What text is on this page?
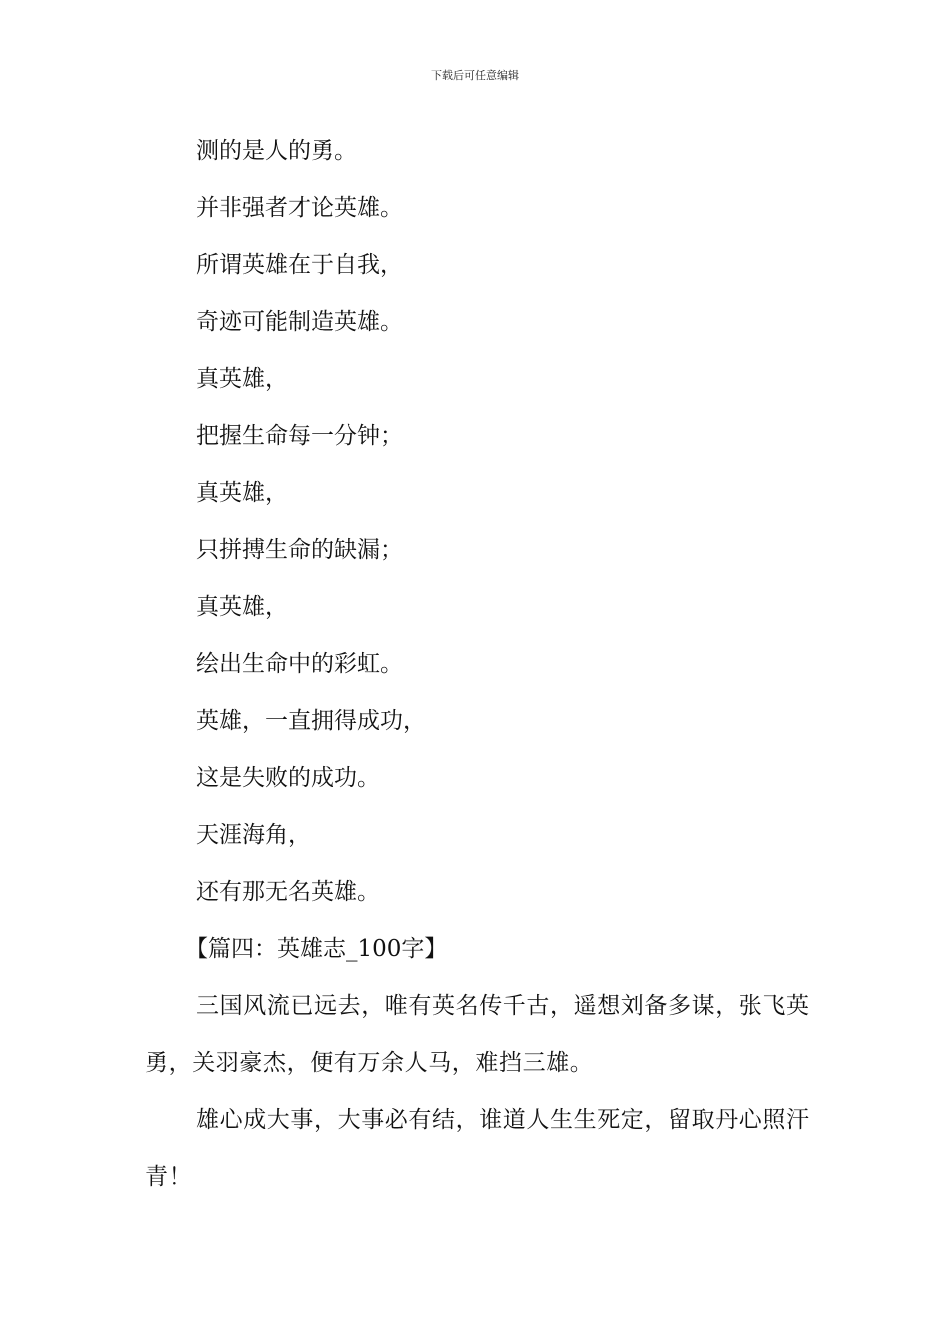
下载后可任意编辑
测的是人的勇。
并非强者才论英雄。
所谓英雄在于自我，
奇迹可能制造英雄。
真英雄，
把握生命每一分钟；
真英雄，
只拼搏生命的缺漏；
真英雄，
绘出生命中的彩虹。
英雄，一直拥得成功，
这是失败的成功。
天涯海角，
还有那无名英雄。
【篇四：英雄志_100字】
三国风流已远去，唯有英名传千古，遥想刘备多谋，张飞英勇，关羽豪杰，便有万余人马，难挡三雄。
雄心成大事，大事必有结，谁道人生生死定，留取丹心照汗青！
